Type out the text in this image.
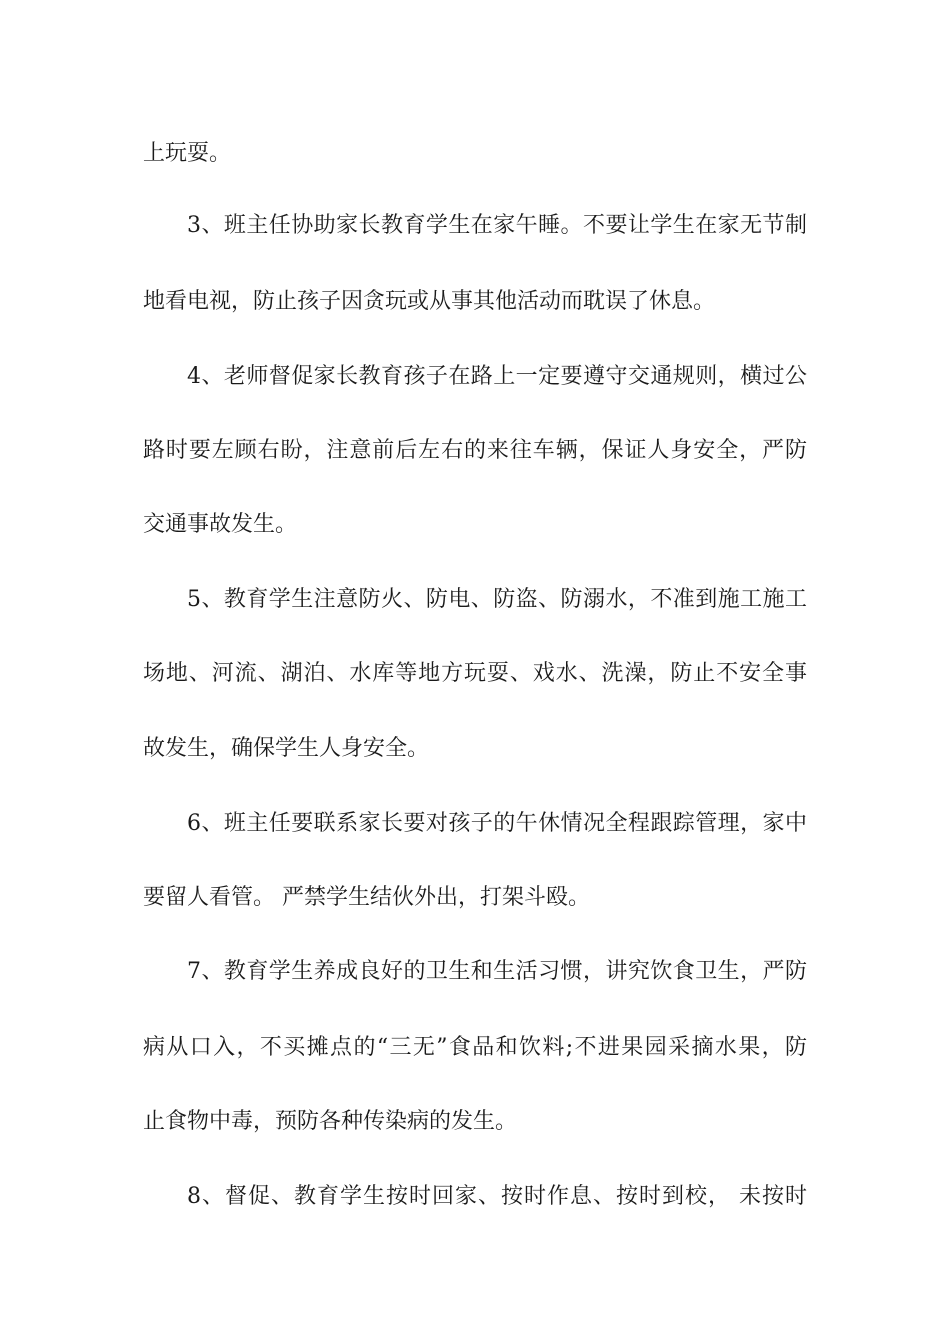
上玩耍。
3、班主任协助家长教育学生在家午睡。不要让学生在家无节制
地看电视，防止孩子因贪玩或从事其他活动而耽误了休息。
4、老师督促家长教育孩子在路上一定要遵守交通规则，横过公
路时要左顾右盼，注意前后左右的来往车辆，保证人身安全，严防
交通事故发生。
5、教育学生注意防火、防电、防盗、防溺水，不准到施工施工
场地、河流、湖泊、水库等地方玩耍、戏水、洗澡，防止不安全事
故发生，确保学生人身安全。
6、班主任要联系家长要对孩子的午休情况全程跟踪管理，家中
要留人看管。 严禁学生结伙外出，打架斗殴。
7、教育学生养成良好的卫生和生活习惯，讲究饮食卫生，严防
病从口入，不买摊点的“三无”食品和饮料;不进果园采摘水果，防
止食物中毒，预防各种传染病的发生。
8、督促、教育学生按时回家、按时作息、按时到校， 未按时
